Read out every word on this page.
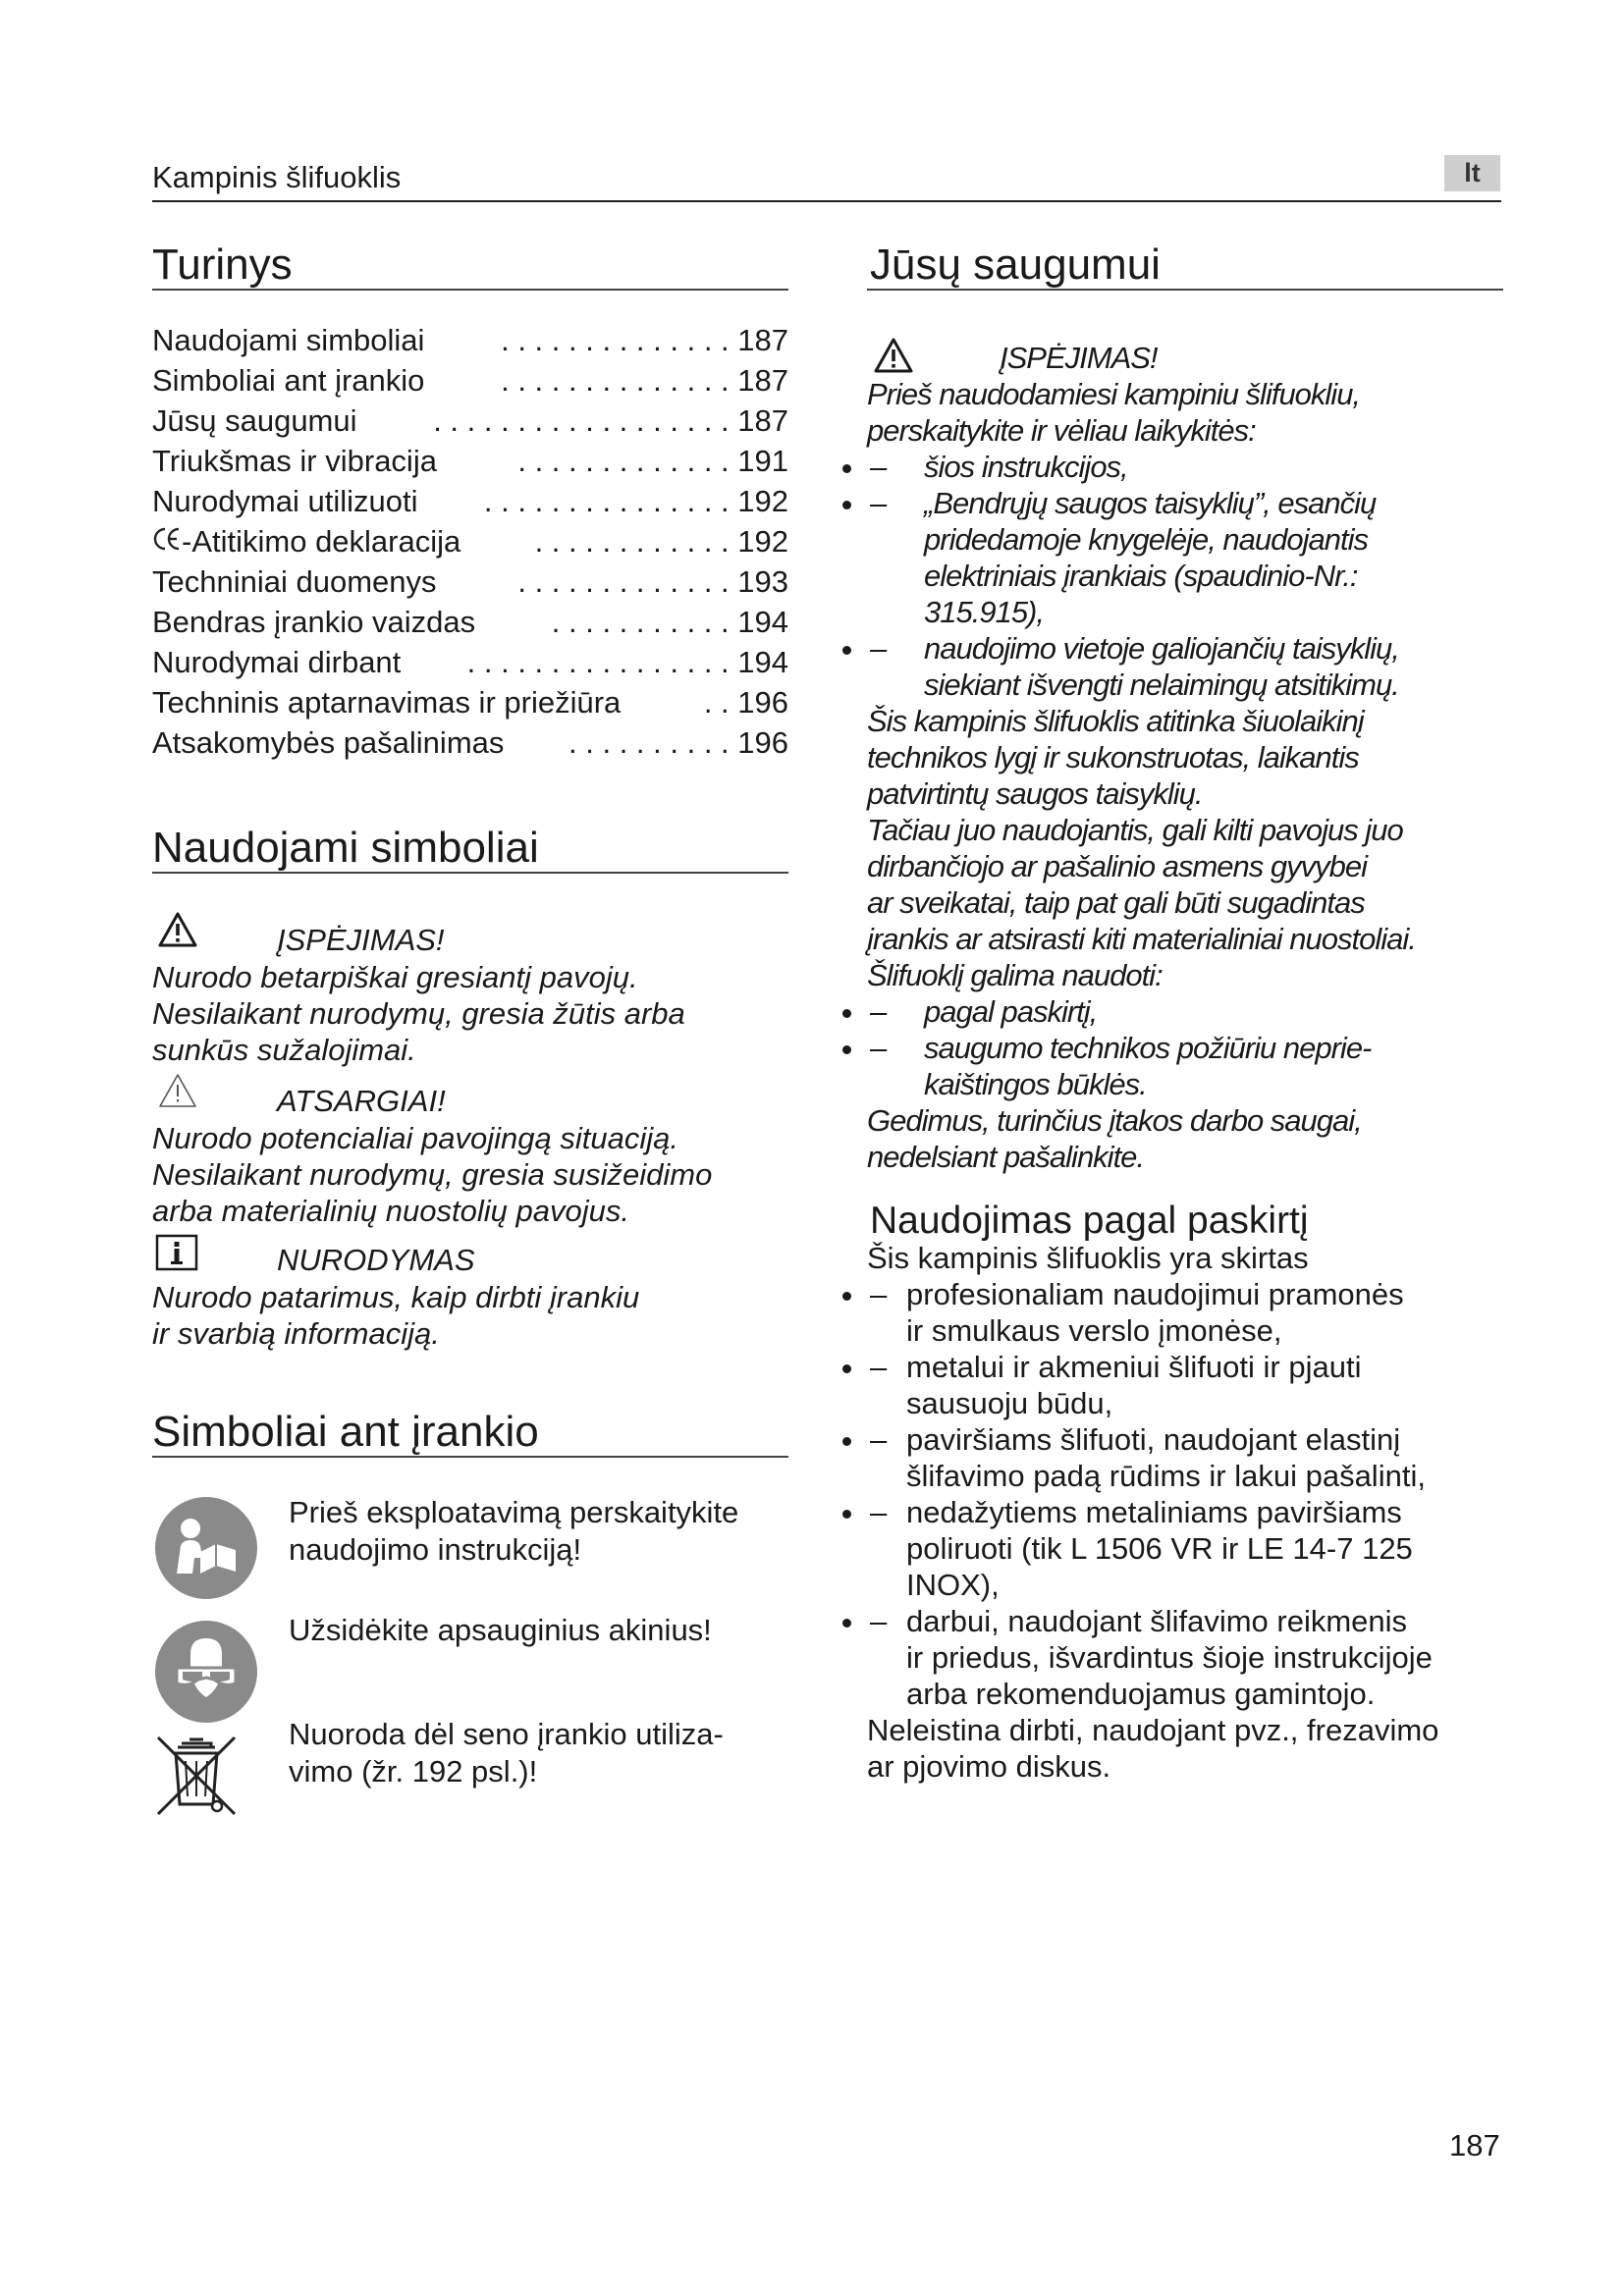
Kampinis šlifuoklis	lt
Turinys
Naudojami simboliai	. . . . . . . . . . . . . . 187
Simboliai ant įrankio	. . . . . . . . . . . . . . 187
Jūsų saugumui	. . . . . . . . . . . . . . . . . . 187
Triukšmas ir vibracija	. . . . . . . . . . . . . 191
Nurodymai utilizuoti . . . . . . . . . . . . . . . 192
-Atitikimo deklaracija . . . . . . . . . . . . 192
Techniniai duomenys	. . . . . . . . . . . . . 193
Bendras įrankio vaizdas	. . . . . . . . . . . 194
Nurodymai dirbant . . . . . . . . . . . . . . . . 194
Techninis aptarnavimas ir priežiūra	. . 196
Atsakomybės pašalinimas . . . . . . . . . . 196
Naudojami simboliai
ĮSPĖJIMAS!
Nurodo betarpiškai gresiantį pavojų.
Nesilaikant nurodymų, gresia žūtis arba
sunkūs sužalojimai.
ATSARGIAI!
Nurodo potencialiai pavojingą situaciją.
Nesilaikant nurodymų, gresia susižeidimo
arba materialinių nuostolių pavojus.
NURODYMAS
Nurodo patarimus, kaip dirbti įrankiu
ir svarbią informaciją.
Simboliai ant įrankio
Prieš eksploatavimą perskaitykite
naudojimo instrukciją!
Užsidėkite apsauginius akinius!
Nuoroda dėl seno įrankio utiliza-
vimo (žr. 192 psl.)!
Jūsų saugumui
ĮSPĖJIMAS!
Prieš naudodamiesi kampiniu šlifuokliu,
perskaitykite ir vėliau laikykitės:
• – šios instrukcijos,
• – „Bendrųjų saugos taisyklių”, esančių
pridedamoje knygelėje, naudojantis
elektriniais įrankiais (spaudinio-Nr.:
315.915),
• – naudojimo vietoje galiojančių taisyklių,
siekiant išvengti nelaimingų atsitikimų.
Šis kampinis šlifuoklis atitinka šiuolaikinį
technikos lygį ir sukonstruotas, laikantis
patvirtintų saugos taisyklių.
Tačiau juo naudojantis, gali kilti pavojus juo
dirbančiojo ar pašalinio asmens gyvybei
ar sveikatai, taip pat gali būti sugadintas
įrankis ar atsirasti kiti materialiniai nuostoliai.
Šlifuoklį galima naudoti:
• – pagal paskirtį,
• – saugumo technikos požiūriu neprie-
kaištingos būklės.
Gedimus, turinčius įtakos darbo saugai,
nedelsiant pašalinkite.
Naudojimas pagal paskirtį
Šis kampinis šlifuoklis yra skirtas
• – profesionaliam naudojimui pramonės
ir smulkaus verslo įmonėse,
• – metalui ir akmeniui šlifuoti ir pjauti
sausuoju būdu,
• – paviršiams šlifuoti, naudojant elastinį
šlifavimo padą rūdims ir lakui pašalinti,
• – nedažytiems metaliniams paviršiams
poliruoti (tik L 1506 VR ir LE 14-7 125
INOX),
• – darbui, naudojant šlifavimo reikmenis
ir priedus, išvardintus šioje instrukcijoje
arba rekomenduojamus gamintojo.
Neleistina dirbti, naudojant pvz., frezavimo
ar pjovimo diskus.
187
